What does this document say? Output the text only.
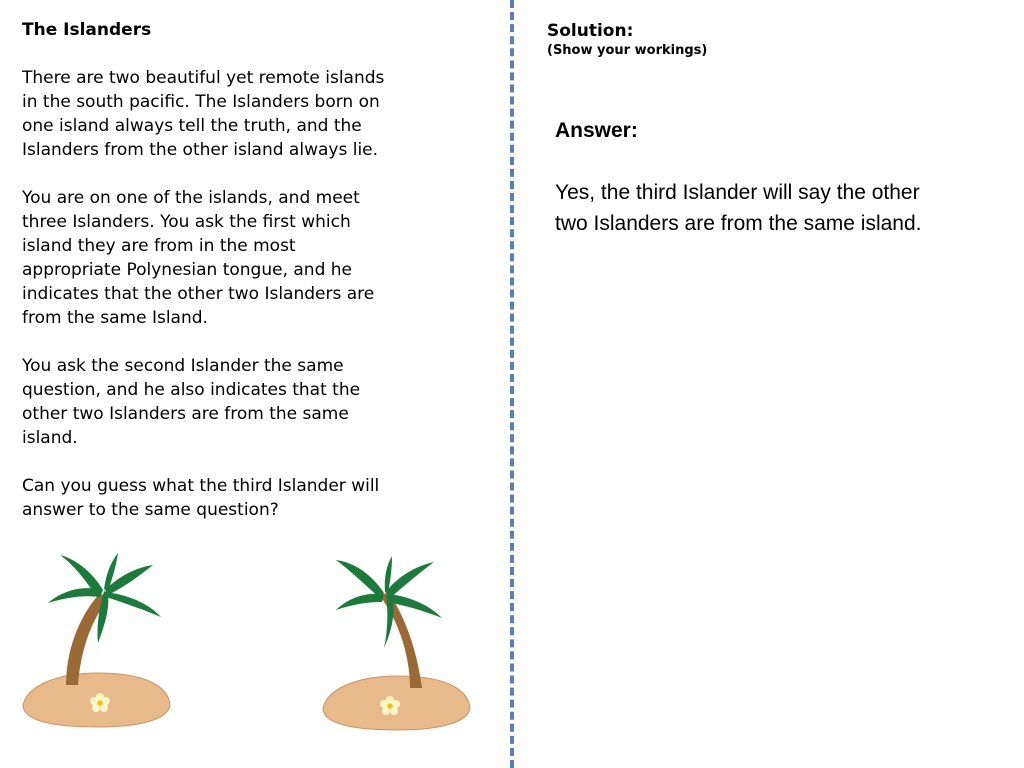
The Islanders
There are two beautiful yet remote islands
in the south pacific. The Islanders born on
one island always tell the truth, and the
Islanders from the other island always lie.
You are on one of the islands, and meet
three Islanders. You ask the first which
island they are from in the most
appropriate Polynesian tongue, and he
indicates that the other two Islanders are
from the same Island.
You ask the second Islander the same
question, and he also indicates that the
other two Islanders are from the same
island.
Can you guess what the third Islander will
answer to the same question?
Solution:
(Show your workings)
Answer:
Yes, the third Islander will say the other
two Islanders are from the same island.
